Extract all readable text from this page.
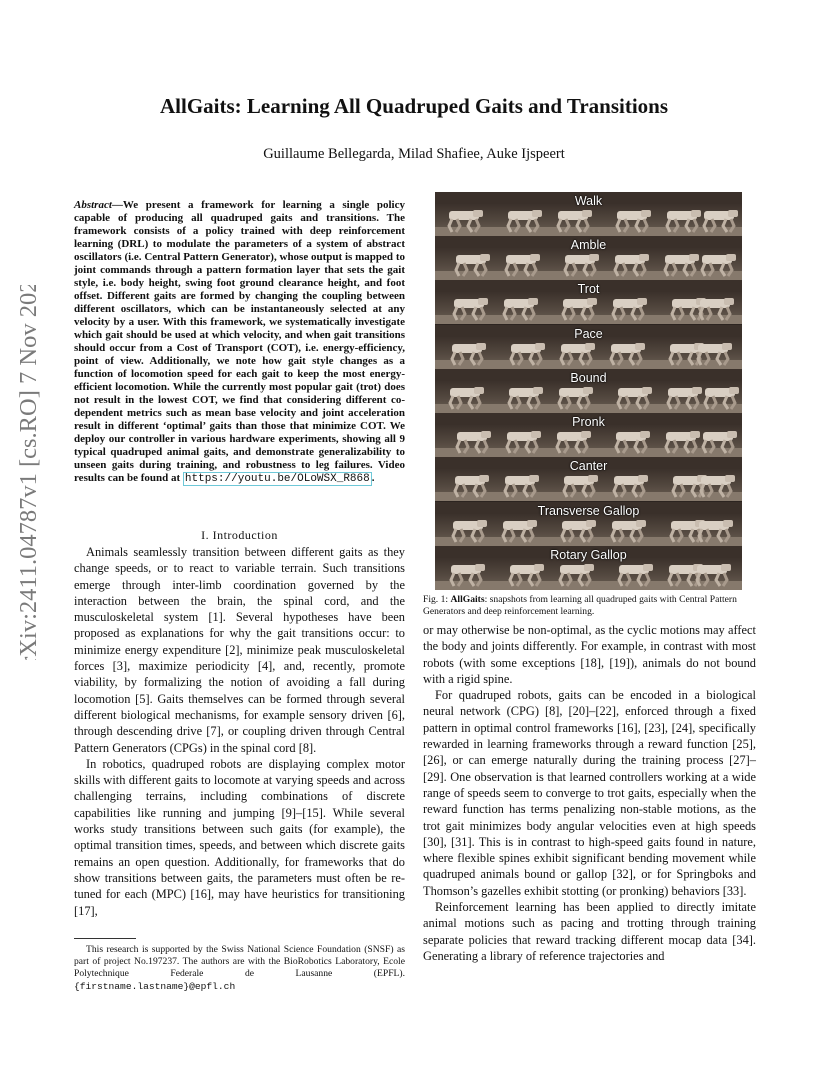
arXiv:2411.04787v1 [cs.RO] 7 Nov 2024
AllGaits: Learning All Quadruped Gaits and Transitions
Guillaume Bellegarda, Milad Shafiee, Auke Ijspeert
Abstract—We present a framework for learning a single policy capable of producing all quadruped gaits and transitions. The framework consists of a policy trained with deep reinforcement learning (DRL) to modulate the parameters of a system of abstract oscillators (i.e. Central Pattern Generator), whose output is mapped to joint commands through a pattern formation layer that sets the gait style, i.e. body height, swing foot ground clearance height, and foot offset. Different gaits are formed by changing the coupling between different oscillators, which can be instantaneously selected at any velocity by a user. With this framework, we systematically investigate which gait should be used at which velocity, and when gait transitions should occur from a Cost of Transport (COT), i.e. energy-efficiency, point of view. Additionally, we note how gait style changes as a function of locomotion speed for each gait to keep the most energy-efficient locomotion. While the currently most popular gait (trot) does not result in the lowest COT, we find that considering different co-dependent metrics such as mean base velocity and joint acceleration result in different ‘optimal’ gaits than those that minimize COT. We deploy our controller in various hardware experiments, showing all 9 typical quadruped animal gaits, and demonstrate generalizability to unseen gaits during training, and robustness to leg failures. Video results can be found at https://youtu.be/OLoWSX_R868 .
I. Introduction

Animals seamlessly transition between different gaits as they change speeds, or to react to variable terrain. Such transitions emerge through inter-limb coordination governed by the interaction between the brain, the spinal cord, and the musculoskeletal system [1]. Several hypotheses have been proposed as explanations for why the gait transitions occur: to minimize energy expenditure [2], minimize peak musculoskeletal forces [3], maximize periodicity [4], and, recently, promote viability, by formalizing the notion of avoiding a fall during locomotion [5]. Gaits themselves can be formed through several different biological mechanisms, for example sensory driven [6], through descending drive [7], or coupling driven through Central Pattern Generators (CPGs) in the spinal cord [8].

In robotics, quadruped robots are displaying complex motor skills with different gaits to locomote at varying speeds and across challenging terrains, including combinations of discrete capabilities like running and jumping [9]–[15]. While several works study transitions between such gaits (for example), the optimal transition times, speeds, and between which discrete gaits remains an open question. Additionally, for frameworks that do show transitions between gaits, the parameters must often be re-tuned for each (MPC) [16], may have heuristics for transitioning [17],

This research is supported by the Swiss National Science Foundation (SNSF) as part of project No.197237. The authors are with the BioRobotics Laboratory, Ecole Polytechnique Federale de Lausanne (EPFL). {firstname.lastname}@epfl.ch
Walk
Amble
Trot
Pace
Bound
Pronk
Canter
Transverse Gallop
Rotary Gallop
Fig. 1: AllGaits: snapshots from learning all quadruped gaits with Central Pattern Generators and deep reinforcement learning.

or may otherwise be non-optimal, as the cyclic motions may affect the body and joints differently. For example, in contrast with most robots (with some exceptions [18], [19]), animals do not bound with a rigid spine.

For quadruped robots, gaits can be encoded in a biological neural network (CPG) [8], [20]–[22], enforced through a fixed pattern in optimal control frameworks [16], [23], [24], specifically rewarded in learning frameworks through a reward function [25], [26], or can emerge naturally during the training process [27]–[29]. One observation is that learned controllers working at a wide range of speeds seem to converge to trot gaits, especially when the reward function has terms penalizing non-stable motions, as the trot gait minimizes body angular velocities even at high speeds [30], [31]. This is in contrast to high-speed gaits found in nature, where flexible spines exhibit significant bending movement while quadruped animals bound or gallop [32], or for Springboks and Thomson’s gazelles exhibit stotting (or pronking) behaviors [33].

Reinforcement learning has been applied to directly imitate animal motions such as pacing and trotting through training separate policies that reward tracking different mocap data [34]. Generating a library of reference trajectories and
